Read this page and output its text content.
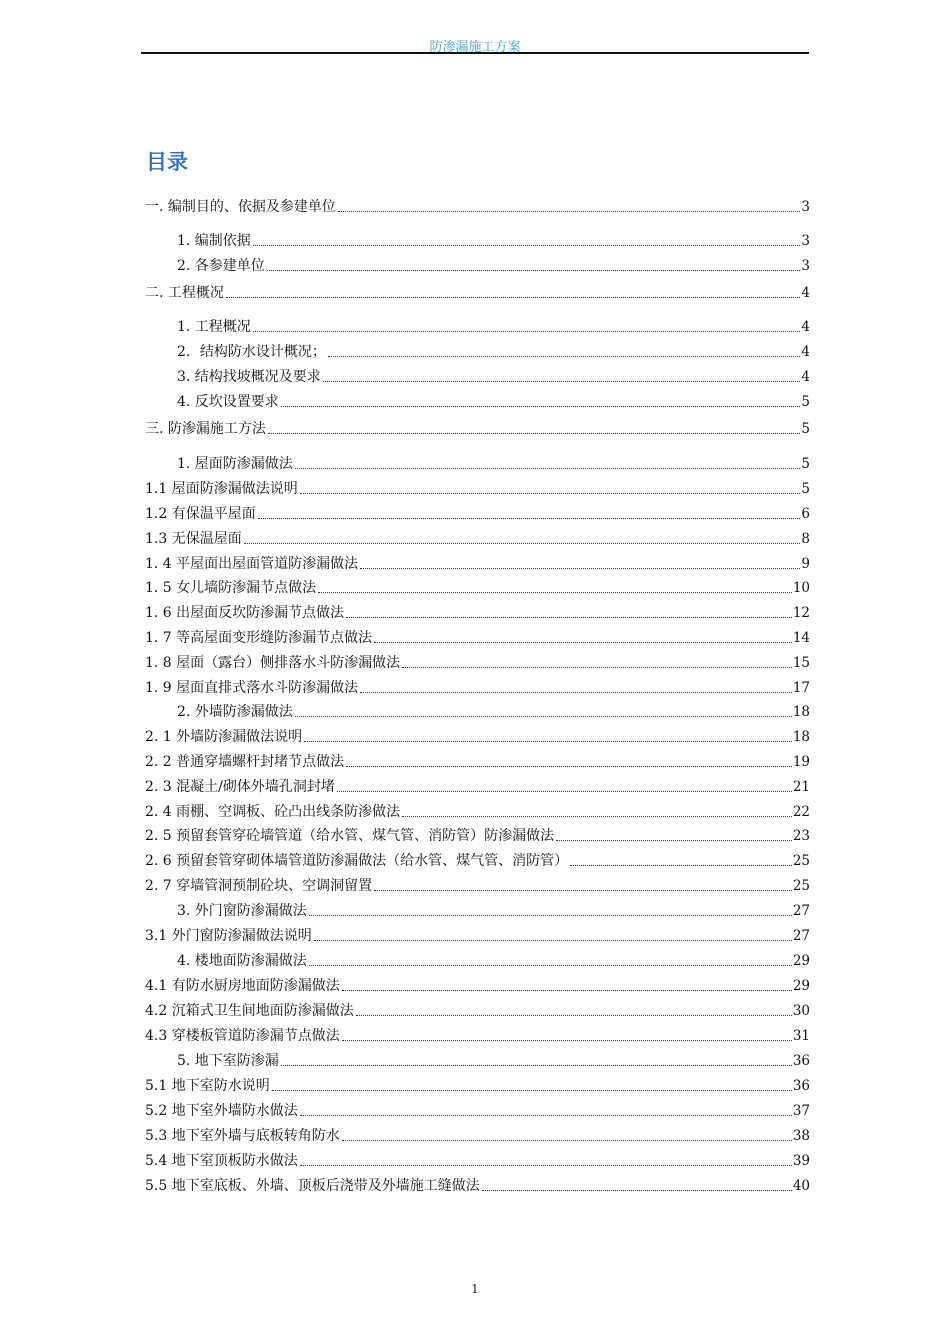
防渗漏施工方案
目录
一. 编制目的、依据及参建单位	3
1. 编制依据	3
2. 各参建单位	3
二. 工程概况	4
1. 工程概况	4
2．结构防水设计概况；	4
3. 结构找坡概况及要求	4
4. 反坎设置要求	5
三. 防渗漏施工方法	5
1. 屋面防渗漏做法	5
1.1 屋面防渗漏做法说明	5
1.2 有保温平屋面	6
1.3 无保温屋面	8
1. 4 平屋面出屋面管道防渗漏做法	9
1. 5 女儿墙防渗漏节点做法	10
1. 6 出屋面反坎防渗漏节点做法	12
1. 7 等高屋面变形缝防渗漏节点做法	14
1. 8 屋面（露台）侧排落水斗防渗漏做法	15
1. 9 屋面直排式落水斗防渗漏做法	17
2. 外墙防渗漏做法	18
2. 1 外墙防渗漏做法说明	18
2. 2 普通穿墙螺杆封堵节点做法	19
2. 3 混凝土/砌体外墙孔洞封堵	21
2. 4 雨棚、空调板、砼凸出线条防渗做法	22
2. 5 预留套管穿砼墙管道（给水管、煤气管、消防管）防渗漏做法	23
2. 6 预留套管穿砌体墙管道防渗漏做法（给水管、煤气管、消防管）	25
2. 7 穿墙管洞预制砼块、空调洞留置	25
3. 外门窗防渗漏做法	27
3.1 外门窗防渗漏做法说明	27
4. 楼地面防渗漏做法	29
4.1 有防水厨房地面防渗漏做法	29
4.2 沉箱式卫生间地面防渗漏做法	30
4.3 穿楼板管道防渗漏节点做法	31
5. 地下室防渗漏	36
5.1 地下室防水说明	36
5.2 地下室外墙防水做法	37
5.3 地下室外墙与底板转角防水	38
5.4 地下室顶板防水做法	39
5.5 地下室底板、外墙、顶板后浇带及外墙施工缝做法	40
1
